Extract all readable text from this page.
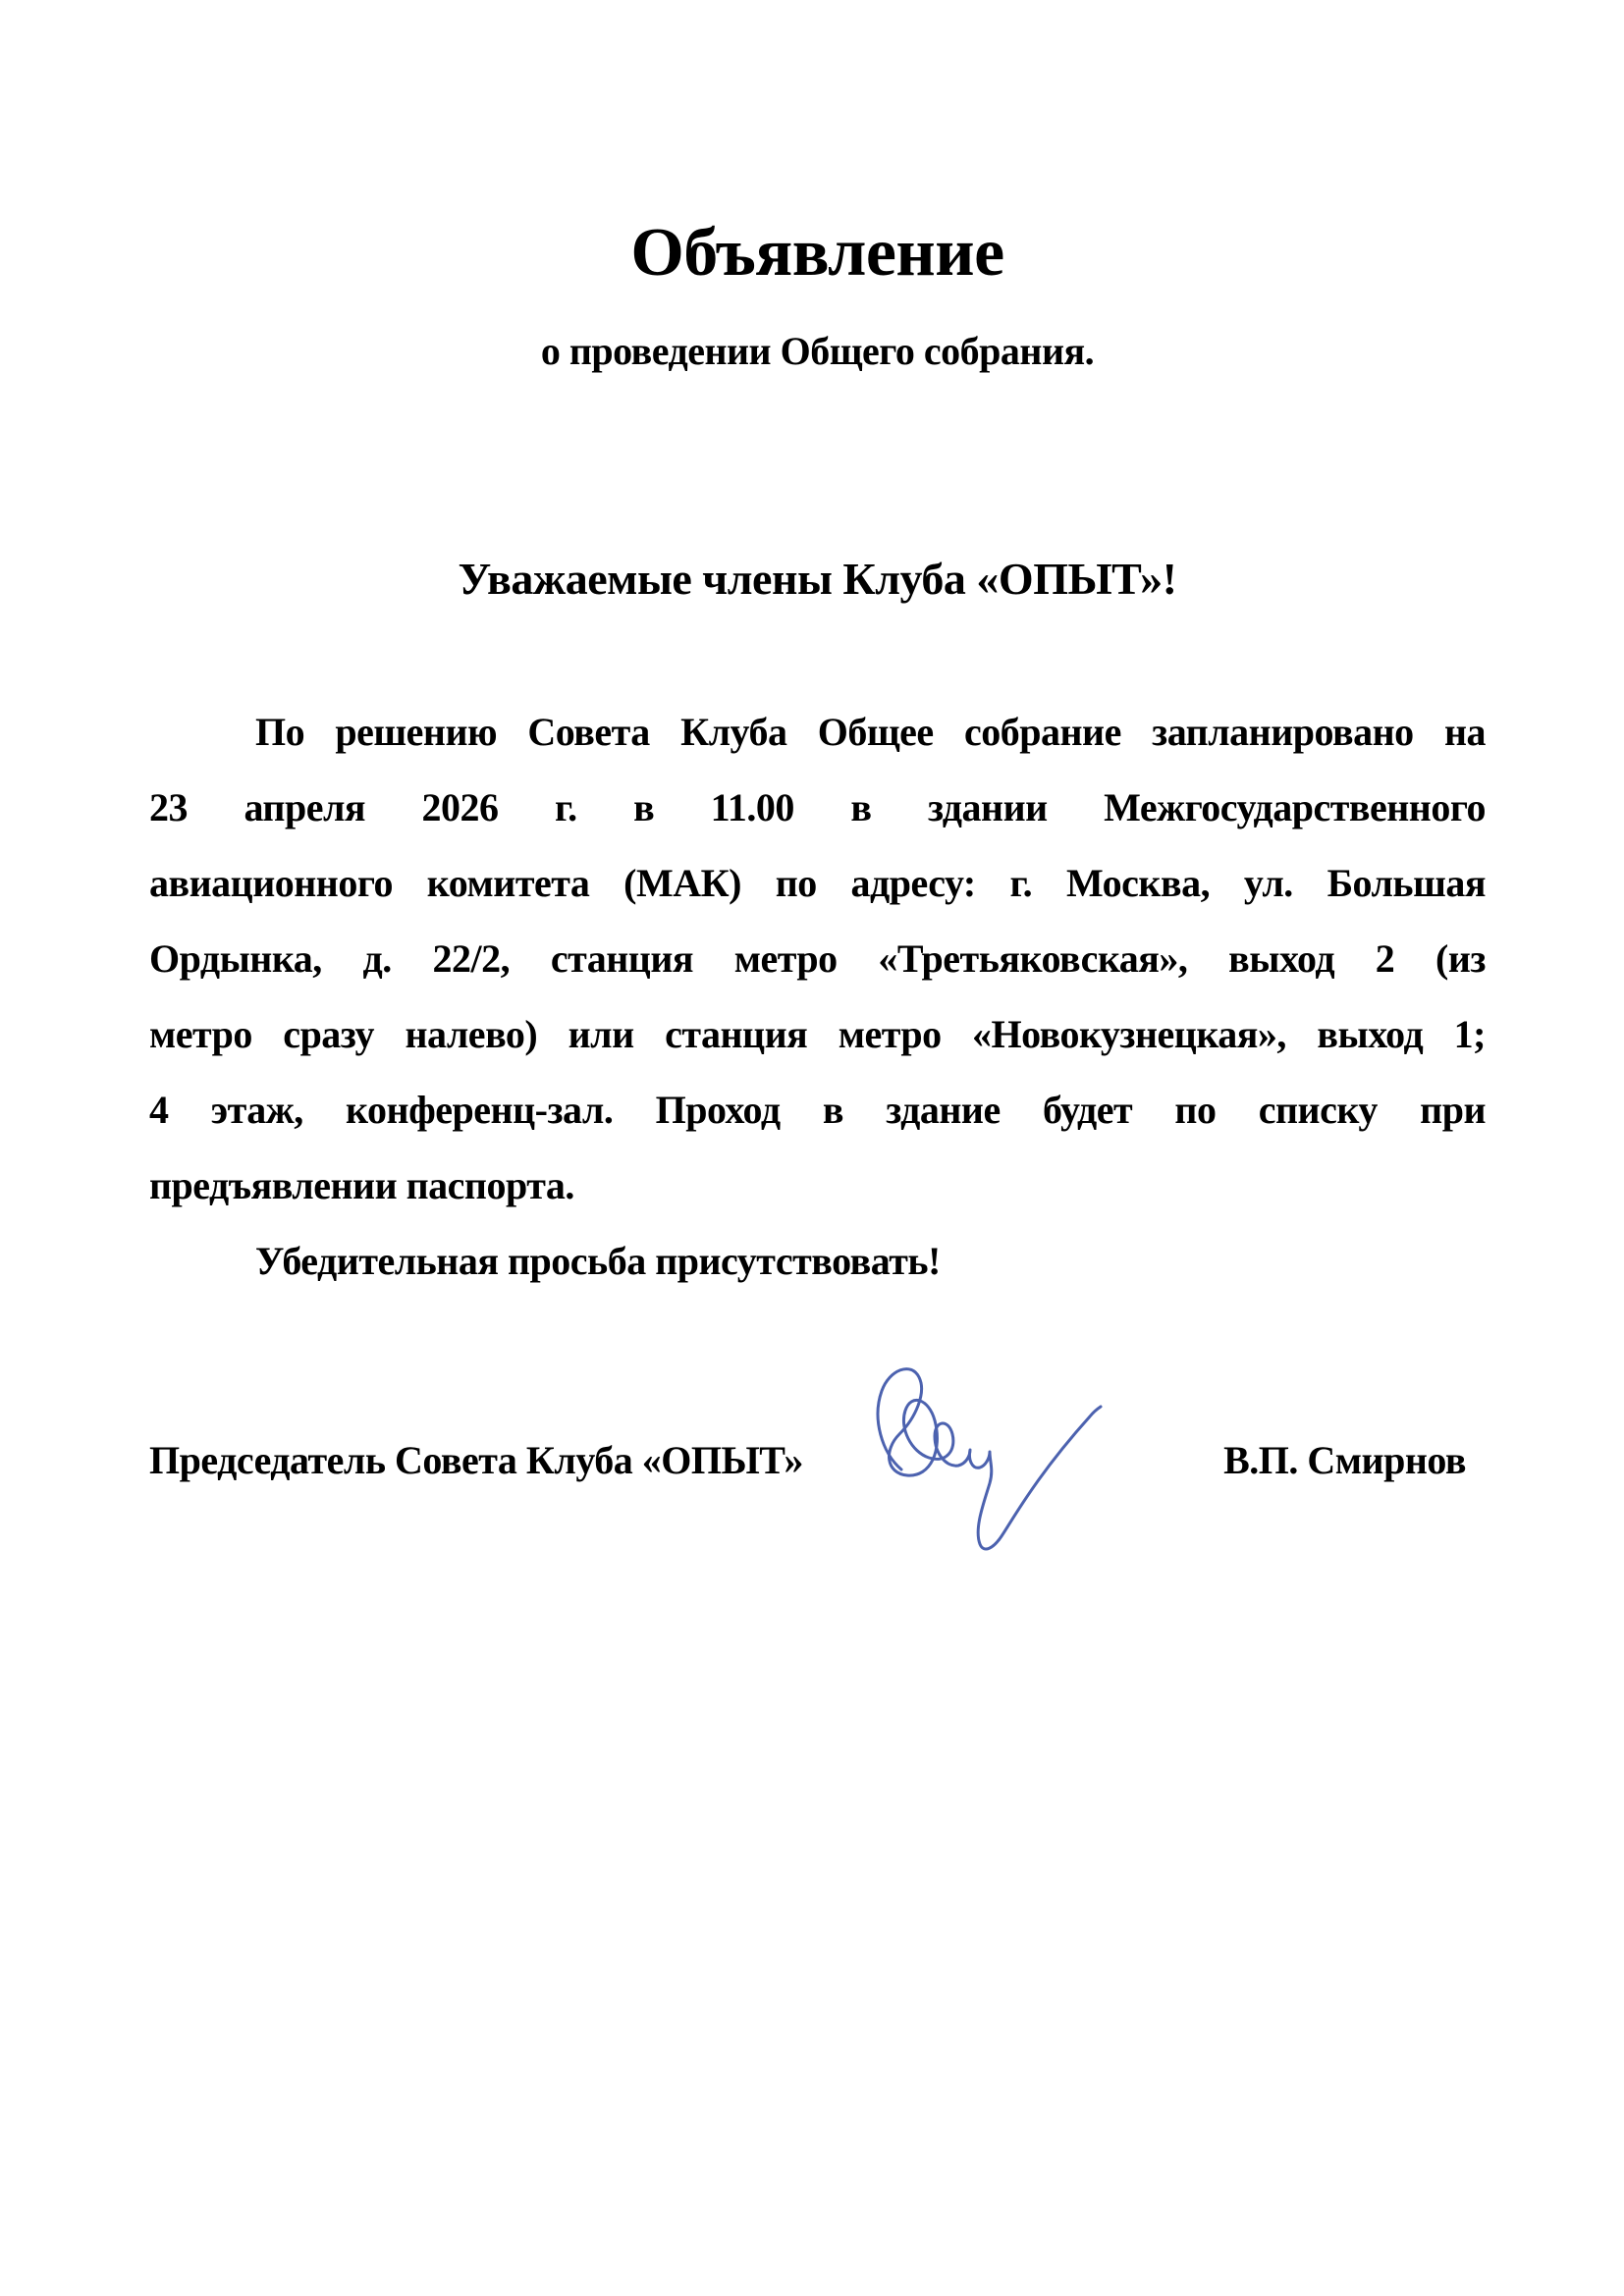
Объявление
о проведении Общего собрания.
Уважаемые члены Клуба «ОПЫТ»!
По решению Совета Клуба Общее собрание запланировано на
23 апреля 2026 г. в 11.00 в здании Межгосударственного
авиационного комитета (МАК) по адресу: г. Москва, ул. Большая
Ордынка, д. 22/2, станция метро «Третьяковская», выход 2 (из
метро сразу налево) или станция метро «Новокузнецкая», выход 1;
4 этаж, конференц-зал. Проход в здание будет по списку при
предъявлении паспорта.
Убедительная просьба присутствовать!
Председатель Совета Клуба «ОПЫТ»	В.П. Смирнов
